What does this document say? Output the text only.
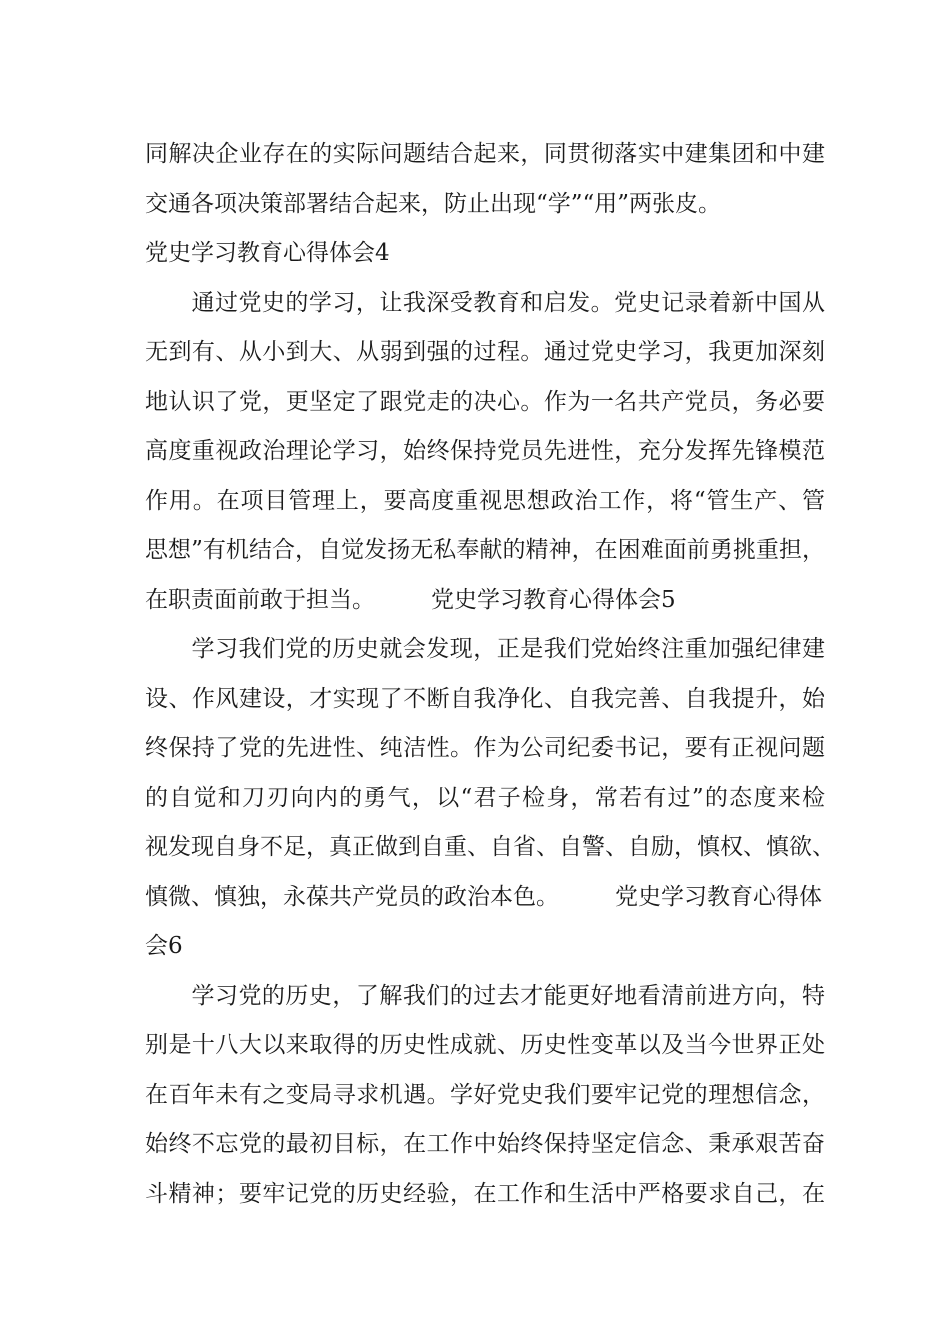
同解决企业存在的实际问题结合起来，同贯彻落实中建集团和中建
交通各项决策部署结合起来，防止出现“学”“用”两张皮。
党史学习教育心得体会4
通过党史的学习，让我深受教育和启发。党史记录着新中国从
无到有、从小到大、从弱到强的过程。通过党史学习，我更加深刻
地认识了党，更坚定了跟党走的决心。作为一名共产党员，务必要
高度重视政治理论学习，始终保持党员先进性，充分发挥先锋模范
作用。在项目管理上，要高度重视思想政治工作，将“管生产、管
思想”有机结合，自觉发扬无私奉献的精神，在困难面前勇挑重担，
在职责面前敢于担当。 党史学习教育心得体会5
学习我们党的历史就会发现，正是我们党始终注重加强纪律建
设、作风建设，才实现了不断自我净化、自我完善、自我提升，始
终保持了党的先进性、纯洁性。作为公司纪委书记，要有正视问题
的自觉和刀刃向内的勇气，以“君子检身，常若有过”的态度来检
视发现自身不足，真正做到自重、自省、自警、自励，慎权、慎欲、
慎微、慎独，永葆共产党员的政治本色。 党史学习教育心得体
会6
学习党的历史，了解我们的过去才能更好地看清前进方向，特
别是十八大以来取得的历史性成就、历史性变革以及当今世界正处
在百年未有之变局寻求机遇。学好党史我们要牢记党的理想信念，
始终不忘党的最初目标，在工作中始终保持坚定信念、秉承艰苦奋
斗精神；要牢记党的历史经验，在工作和生活中严格要求自己，在
